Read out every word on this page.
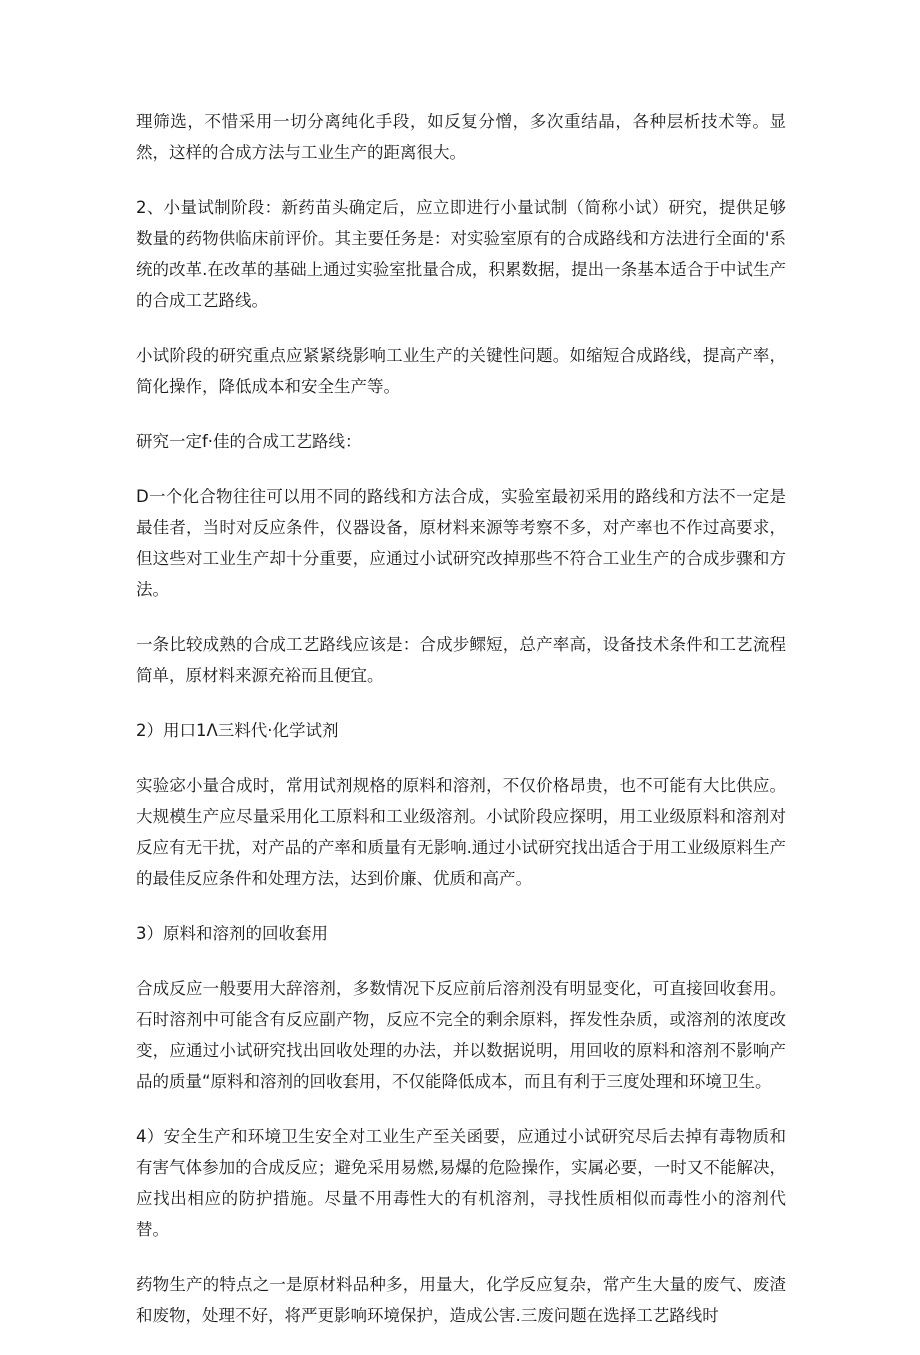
理筛选，不惜采用一切分离纯化手段，如反复分憎，多次重结晶，各种层析技术等。显然，这样的合成方法与工业生产的距离很大。

2、小量试制阶段：新药苗头确定后，应立即进行小量试制（简称小试）研究，提供足够数量的药物供临床前评价。其主要任务是：对实验室原有的合成路线和方法进行全面的'系统的改革.在改革的基础上通过实验室批量合成，积累数据，提出一条基本适合于中试生产的合成工艺路线。

小试阶段的研究重点应紧紧绕影响工业生产的关键性问题。如缩短合成路线，提高产率，简化操作，降低成本和安全生产等。

研究一定f·佳的合成工艺路线：

D一个化合物往往可以用不同的路线和方法合成，实验室最初采用的路线和方法不一定是最佳者，当时对反应条件，仪器设备，原材料来源等考察不多，对产率也不作过高要求，但这些对工业生产却十分重要，应通过小试研究改掉那些不符合工业生产的合成步骤和方法。

一条比较成熟的合成工艺路线应该是：合成步鳏短，总产率高，设备技术条件和工艺流程简单，原材料来源充裕而且便宜。

2）用口1Λ三料代·化学试剂

实验宓小量合成时，常用试剂规格的原料和溶剂，不仅价格昂贵，也不可能有大比供应。大规模生产应尽量采用化工原料和工业级溶剂。小试阶段应探明，用工业级原料和溶剂对反应有无干扰，对产品的产率和质量有无影响.通过小试研究找出适合于用工业级原料生产的最佳反应条件和处理方法，达到价廉、优质和高产。

3）原料和溶剂的回收套用

合成反应一般要用大辞溶剂，多数情况下反应前后溶剂没有明显变化，可直接回收套用。石时溶剂中可能含有反应副产物，反应不完全的剩余原料，挥发性杂质，或溶剂的浓度改变，应通过小试研究找出回收处理的办法，并以数据说明，用回收的原料和溶剂不影响产品的质量“原料和溶剂的回收套用，不仅能降低成本，而且有利于三度处理和环境卫生。

4）安全生产和环境卫生安全对工业生产至关函要，应通过小试研究尽后去掉有毒物质和有害气体参加的合成反应；避免采用易燃,易爆的危险操作，实属必要，一时又不能解决，应找出相应的防护措施。尽量不用毒性大的有机溶剂，寻找性质相似而毒性小的溶剂代替。

药物生产的特点之一是原材料品种多，用量大，化学反应复杂，常产生大量的废气、废渣和废物，处理不好，将严更影响环境保护，造成公害.三废问题在选择工艺路线时
